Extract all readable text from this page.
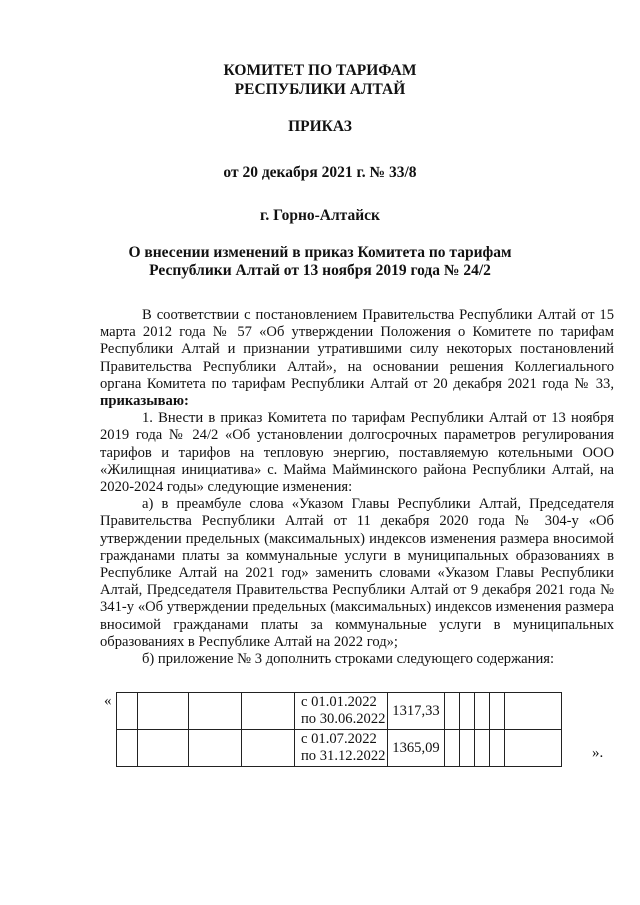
КОМИТЕТ ПО ТАРИФАМ
РЕСПУБЛИКИ АЛТАЙ
ПРИКАЗ
от 20 декабря 2021 г. № 33/8
г. Горно-Алтайск
О внесении изменений в приказ Комитета по тарифам
Республики Алтай от 13 ноября 2019 года № 24/2

В соответствии с постановлением Правительства Республики Алтай от 15 марта 2012 года № 57 «Об утверждении Положения о Комитете по тарифам Республики Алтай и признании утратившими силу некоторых постановлений Правительства Республики Алтай», на основании решения Коллегиального органа Комитета по тарифам Республики Алтай от 20 декабря 2021 года № 33, приказываю:

1. Внести в приказ Комитета по тарифам Республики Алтай от 13 ноября 2019 года № 24/2 «Об установлении долгосрочных параметров регулирования тарифов и тарифов на тепловую энергию, поставляемую котельными ООО «Жилищная инициатива» с. Майма Майминского района Республики Алтай, на 2020-2024 годы» следующие изменения:

а) в преамбуле слова «Указом Главы Республики Алтай, Председателя Правительства Республики Алтай от 11 декабря 2020 года № 304-у «Об утверждении предельных (максимальных) индексов изменения размера вносимой гражданами платы за коммунальные услуги в муниципальных образованиях в Республике Алтай на 2021 год» заменить словами «Указом Главы Республики Алтай, Председателя Правительства Республики Алтай от 9 декабря 2021 года № 341-у «Об утверждении предельных (максимальных) индексов изменения размера вносимой гражданами платы за коммунальные услуги в муниципальных образованиях в Республике Алтай на 2022 год»;

б) приложение № 3 дополнить строками следующего содержания:

«

				с 01.01.2022
по 30.06.2022	1317,33					

				с 01.07.2022
по 31.12.2022	1365,09						».
